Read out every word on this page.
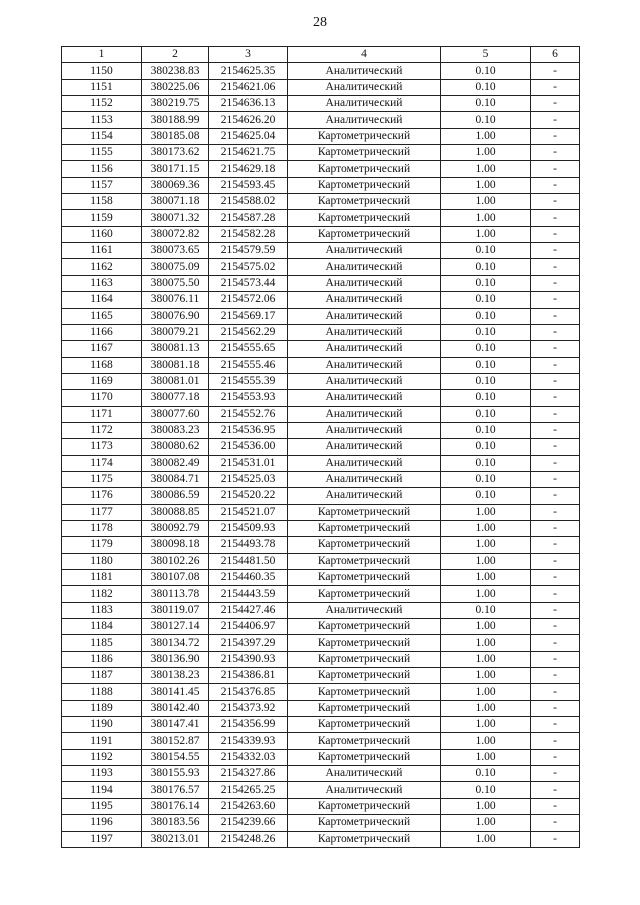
28
1	2	3	4	5	6
1150	380238.83	2154625.35	Аналитический	0.10	-
1151	380225.06	2154621.06	Аналитический	0.10	-
1152	380219.75	2154636.13	Аналитический	0.10	-
1153	380188.99	2154626.20	Аналитический	0.10	-
1154	380185.08	2154625.04	Картометрический	1.00	-
1155	380173.62	2154621.75	Картометрический	1.00	-
1156	380171.15	2154629.18	Картометрический	1.00	-
1157	380069.36	2154593.45	Картометрический	1.00	-
1158	380071.18	2154588.02	Картометрический	1.00	-
1159	380071.32	2154587.28	Картометрический	1.00	-
1160	380072.82	2154582.28	Картометрический	1.00	-
1161	380073.65	2154579.59	Аналитический	0.10	-
1162	380075.09	2154575.02	Аналитический	0.10	-
1163	380075.50	2154573.44	Аналитический	0.10	-
1164	380076.11	2154572.06	Аналитический	0.10	-
1165	380076.90	2154569.17	Аналитический	0.10	-
1166	380079.21	2154562.29	Аналитический	0.10	-
1167	380081.13	2154555.65	Аналитический	0.10	-
1168	380081.18	2154555.46	Аналитический	0.10	-
1169	380081.01	2154555.39	Аналитический	0.10	-
1170	380077.18	2154553.93	Аналитический	0.10	-
1171	380077.60	2154552.76	Аналитический	0.10	-
1172	380083.23	2154536.95	Аналитический	0.10	-
1173	380080.62	2154536.00	Аналитический	0.10	-
1174	380082.49	2154531.01	Аналитический	0.10	-
1175	380084.71	2154525.03	Аналитический	0.10	-
1176	380086.59	2154520.22	Аналитический	0.10	-
1177	380088.85	2154521.07	Картометрический	1.00	-
1178	380092.79	2154509.93	Картометрический	1.00	-
1179	380098.18	2154493.78	Картометрический	1.00	-
1180	380102.26	2154481.50	Картометрический	1.00	-
1181	380107.08	2154460.35	Картометрический	1.00	-
1182	380113.78	2154443.59	Картометрический	1.00	-
1183	380119.07	2154427.46	Аналитический	0.10	-
1184	380127.14	2154406.97	Картометрический	1.00	-
1185	380134.72	2154397.29	Картометрический	1.00	-
1186	380136.90	2154390.93	Картометрический	1.00	-
1187	380138.23	2154386.81	Картометрический	1.00	-
1188	380141.45	2154376.85	Картометрический	1.00	-
1189	380142.40	2154373.92	Картометрический	1.00	-
1190	380147.41	2154356.99	Картометрический	1.00	-
1191	380152.87	2154339.93	Картометрический	1.00	-
1192	380154.55	2154332.03	Картометрический	1.00	-
1193	380155.93	2154327.86	Аналитический	0.10	-
1194	380176.57	2154265.25	Аналитический	0.10	-
1195	380176.14	2154263.60	Картометрический	1.00	-
1196	380183.56	2154239.66	Картометрический	1.00	-
1197	380213.01	2154248.26	Картометрический	1.00	-
